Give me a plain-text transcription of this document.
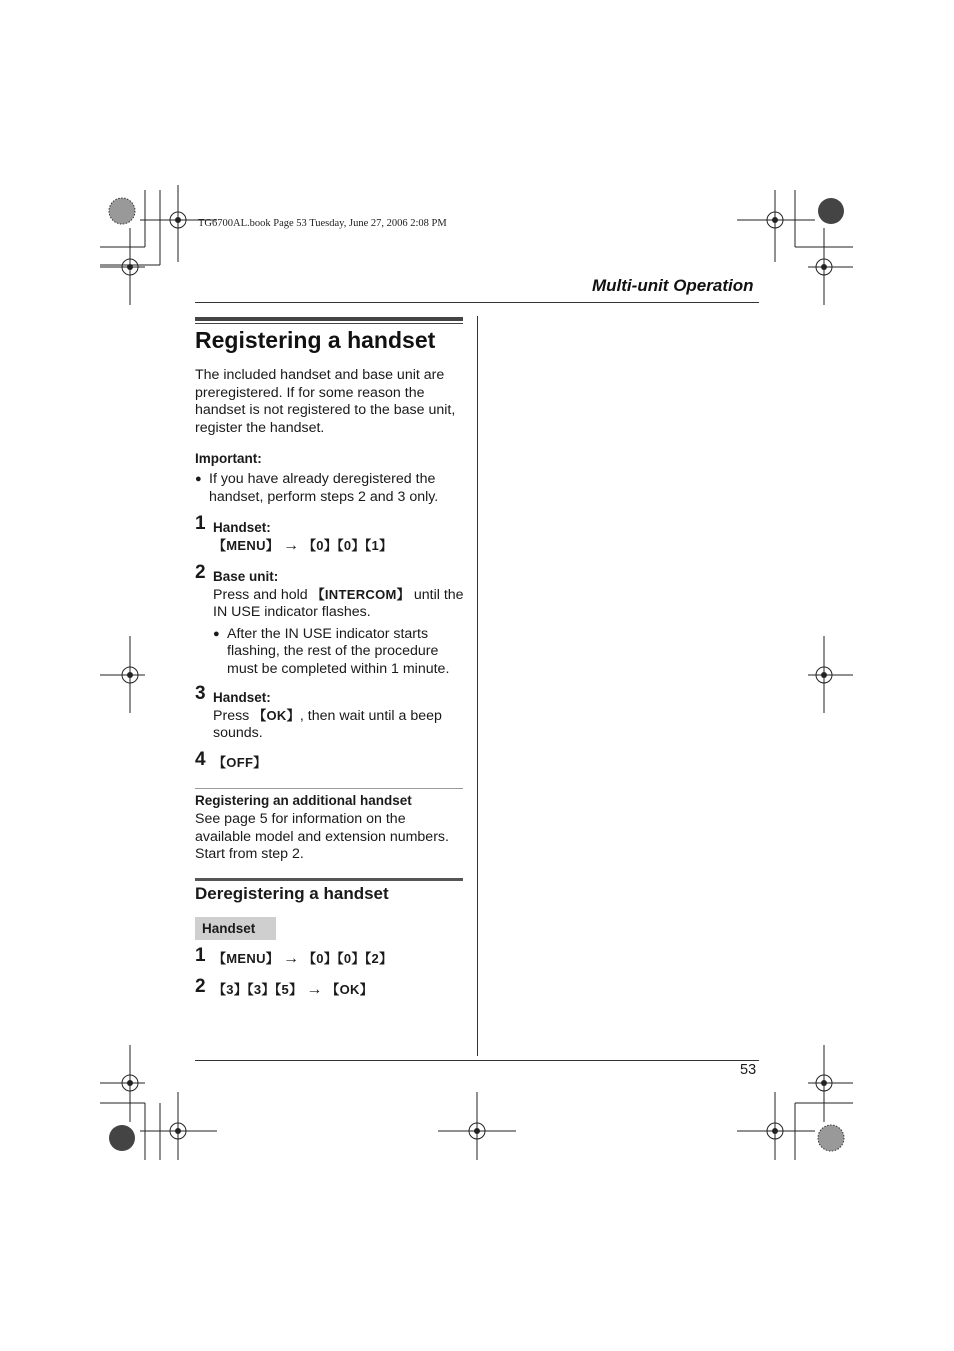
TG6700AL.book Page 53 Tuesday, June 27, 2006 2:08 PM
Multi-unit Operation
Registering a handset
The included handset and base unit are preregistered. If for some reason the handset is not registered to the base unit, register the handset.
Important:
● If you have already deregistered the handset, perform steps 2 and 3 only.
1 Handset:
【MENU】 → 【0】【0】【1】
2 Base unit:
Press and hold 【INTERCOM】 until the IN USE indicator flashes.
● After the IN USE indicator starts flashing, the rest of the procedure must be completed within 1 minute.
3 Handset:
Press 【OK】, then wait until a beep sounds.
4 【OFF】
Registering an additional handset
See page 5 for information on the available model and extension numbers.
Start from step 2.
Deregistering a handset
Handset
1 【MENU】 → 【0】【0】【2】
2 【3】【3】【5】 → 【OK】
53
